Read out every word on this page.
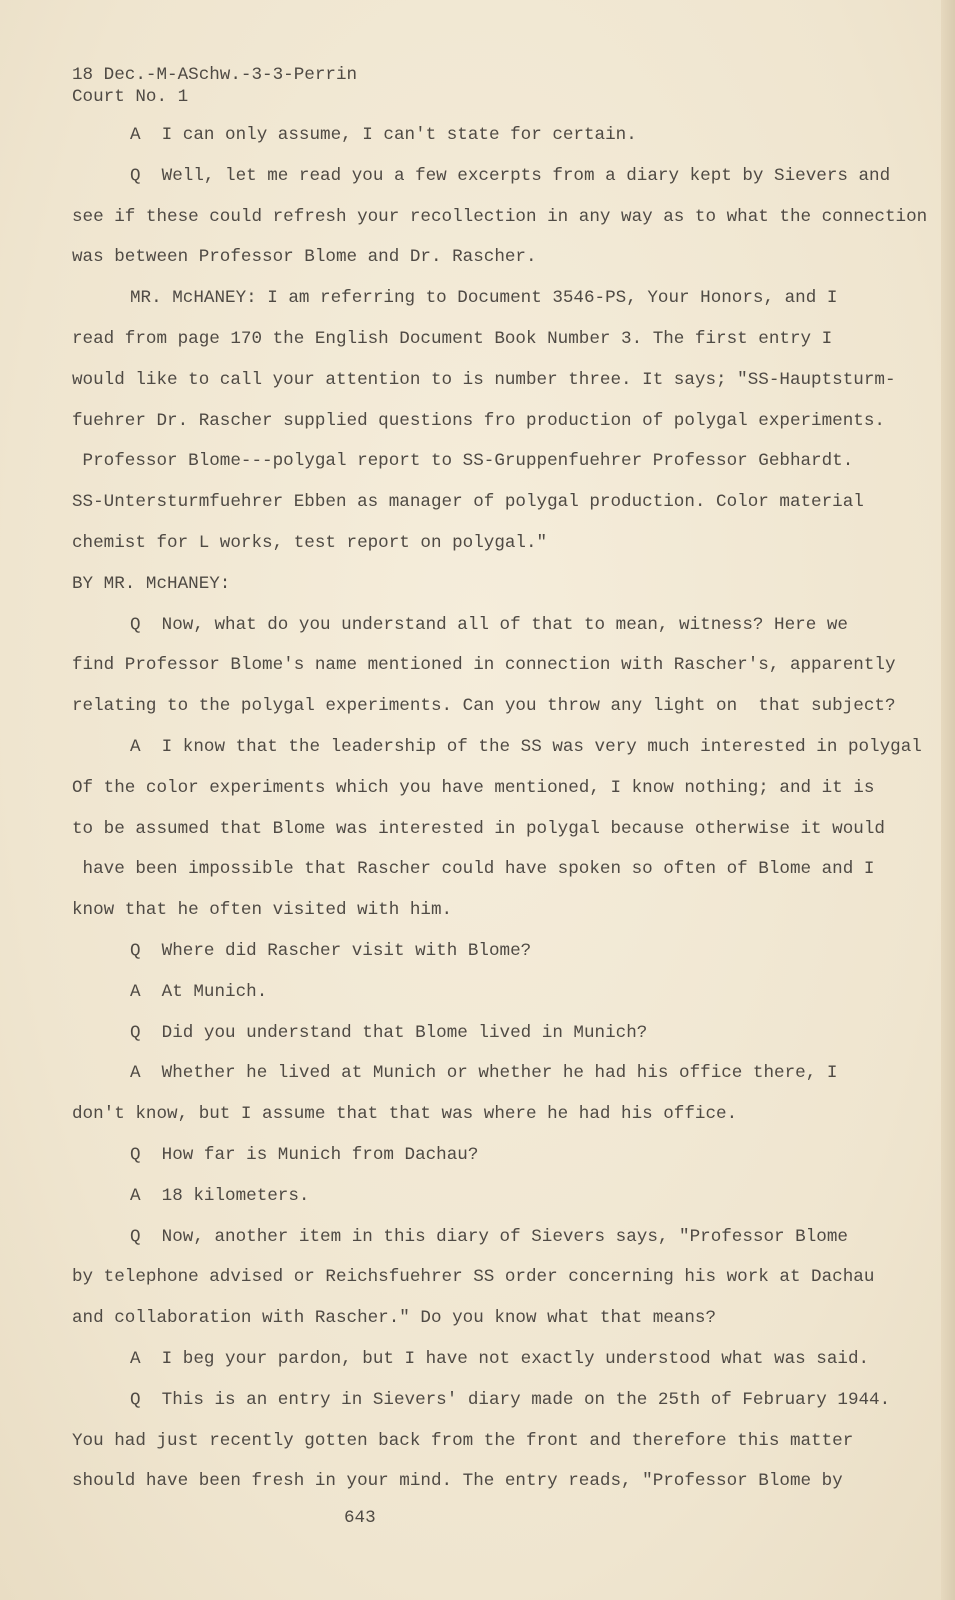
18 Dec.-M-ASchw.-3-3-Perrin
Court No. 1
A  I can only assume, I can't state for certain.
Q  Well, let me read you a few excerpts from a diary kept by Sievers and
see if these could refresh your recollection in any way as to what the connection
was between Professor Blome and Dr. Rascher.
MR. McHANEY: I am referring to Document 3546-PS, Your Honors, and I
read from page 170 the English Document Book Number 3. The first entry I
would like to call your attention to is number three. It says; "SS-Hauptsturm-
fuehrer Dr. Rascher supplied questions fro production of polygal experiments.
Professor Blome---polygal report to SS-Gruppenfuehrer Professor Gebhardt.
SS-Untersturmfuehrer Ebben as manager of polygal production. Color material
chemist for L works, test report on polygal."
BY MR. McHANEY:
Q  Now, what do you understand all of that to mean, witness? Here we
find Professor Blome's name mentioned in connection with Rascher's, apparently
relating to the polygal experiments. Can you throw any light on  that subject?
A  I know that the leadership of the SS was very much interested in polygal
Of the color experiments which you have mentioned, I know nothing; and it is
to be assumed that Blome was interested in polygal because otherwise it would
have been impossible that Rascher could have spoken so often of Blome and I
know that he often visited with him.
Q  Where did Rascher visit with Blome?
A  At Munich.
Q  Did you understand that Blome lived in Munich?
A  Whether he lived at Munich or whether he had his office there, I
don't know, but I assume that that was where he had his office.
Q  How far is Munich from Dachau?
A  18 kilometers.
Q  Now, another item in this diary of Sievers says, "Professor Blome
by telephone advised or Reichsfuehrer SS order concerning his work at Dachau
and collaboration with Rascher." Do you know what that means?
A  I beg your pardon, but I have not exactly understood what was said.
Q  This is an entry in Sievers' diary made on the 25th of February 1944.
You had just recently gotten back from the front and therefore this matter
should have been fresh in your mind. The entry reads, "Professor Blome by
643
